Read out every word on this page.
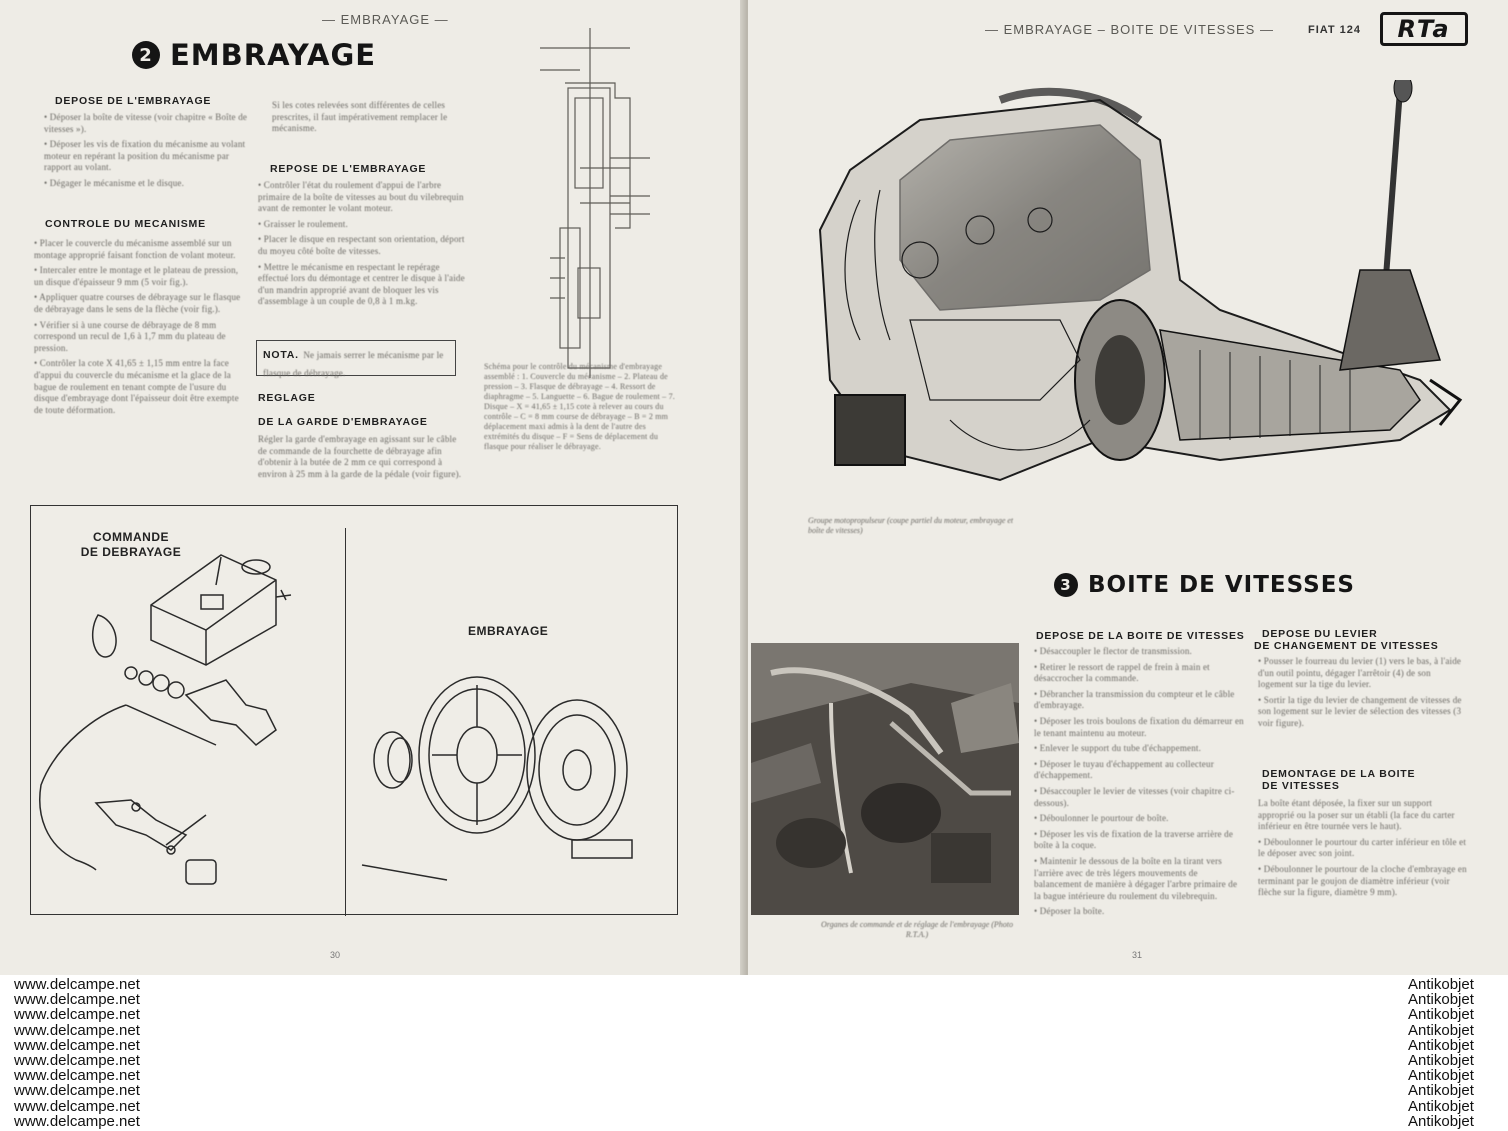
— EMBRAYAGE —
2 EMBRAYAGE
DEPOSE DE L'EMBRAYAGE

• Déposer la boîte de vitesse (voir chapitre « Boîte de vitesses »).

• Déposer les vis de fixation du mécanisme au volant moteur en repérant la position du mécanisme par rapport au volant.

• Dégager le mécanisme et le disque.

CONTROLE DU MECANISME

• Placer le couvercle du mécanisme assemblé sur un montage approprié faisant fonction de volant moteur.

• Intercaler entre le montage et le plateau de pression, un disque d'épaisseur 9 mm (5 voir fig.).

• Appliquer quatre courses de débrayage sur le flasque de débrayage dans le sens de la flèche (voir fig.).

• Vérifier si à une course de débrayage de 8 mm correspond un recul de 1,6 à 1,7 mm du plateau de pression.

• Contrôler la cote X 41,65 ± 1,15 mm entre la face d'appui du couvercle du mécanisme et la glace de la bague de roulement en tenant compte de l'usure du disque d'embrayage dont l'épaisseur doit être exempte de toute déformation.

Si les cotes relevées sont différentes de celles prescrites, il faut impérativement remplacer le mécanisme.

REPOSE DE L'EMBRAYAGE

• Contrôler l'état du roulement d'appui de l'arbre primaire de la boîte de vitesses au bout du vilebrequin avant de remonter le volant moteur.

• Graisser le roulement.

• Placer le disque en respectant son orientation, déport du moyeu côté boîte de vitesses.

• Mettre le mécanisme en respectant le repérage effectué lors du démontage et centrer le disque à l'aide d'un mandrin approprié avant de bloquer les vis d'assemblage à un couple de 0,8 à 1 m.kg.

NOTA. Ne jamais serrer le mécanisme par le flasque de débrayage.
REGLAGE
DE LA GARDE D'EMBRAYAGE

Régler la garde d'embrayage en agissant sur le câble de commande de la fourchette de débrayage afin d'obtenir à la butée de 2 mm ce qui correspond à environ à 25 mm à la garde de la pédale (voir figure).

Schéma pour le contrôle du mécanisme d'embrayage assemblé : 1. Couvercle du mécanisme – 2. Plateau de pression – 3. Flasque de débrayage – 4. Ressort de diaphragme – 5. Languette – 6. Bague de roulement – 7. Disque – X = 41,65 ± 1,15 cote à relever au cours du contrôle – C = 8 mm course de débrayage – B = 2 mm déplacement maxi admis à la dent de l'autre des extrémités du disque – F = Sens de déplacement du flasque pour réaliser le débrayage.

COMMANDE
DE DEBRAYAGE
EMBRAYAGE
30
— EMBRAYAGE – BOITE DE VITESSES —	FIAT 124	RTa
Groupe motopropulseur (coupe partiel du moteur, embrayage et boîte de vitesses)
3 BOITE DE VITESSES
Organes de commande et de réglage de l'embrayage (Photo R.T.A.)
DEPOSE DE LA BOITE DE VITESSES

• Désaccoupler le flector de transmission.

• Retirer le ressort de rappel de frein à main et désaccrocher la commande.

• Débrancher la transmission du compteur et le câble d'embrayage.

• Déposer les trois boulons de fixation du démarreur en le tenant maintenu au moteur.

• Enlever le support du tube d'échappement.

• Déposer le tuyau d'échappement au collecteur d'échappement.

• Désaccoupler le levier de vitesses (voir chapitre ci-dessous).

• Déboulonner le pourtour de boîte.

• Déposer les vis de fixation de la traverse arrière de boîte à la coque.

• Maintenir le dessous de la boîte en la tirant vers l'arrière avec de très légers mouvements de balancement de manière à dégager l'arbre primaire de la bague intérieure du roulement du vilebrequin.

• Déposer la boîte.

DEPOSE DU LEVIER
DE CHANGEMENT DE VITESSES

• Pousser le fourreau du levier (1) vers le bas, à l'aide d'un outil pointu, dégager l'arrêtoir (4) de son logement sur la tige du levier.

• Sortir la tige du levier de changement de vitesses de son logement sur le levier de sélection des vitesses (3 voir figure).

DEMONTAGE DE LA BOITE
DE VITESSES

La boîte étant déposée, la fixer sur un support approprié ou la poser sur un établi (la face du carter inférieur en être tournée vers le haut).

• Déboulonner le pourtour du carter inférieur en tôle et le déposer avec son joint.

• Déboulonner le pourtour de la cloche d'embrayage en terminant par le goujon de diamètre inférieur (voir flèche sur la figure, diamètre 9 mm).

31
www.delcampe.net
www.delcampe.net
www.delcampe.net
www.delcampe.net
www.delcampe.net
www.delcampe.net
www.delcampe.net
www.delcampe.net
www.delcampe.net
www.delcampe.net
Antikobjet
Antikobjet
Antikobjet
Antikobjet
Antikobjet
Antikobjet
Antikobjet
Antikobjet
Antikobjet
Antikobjet
